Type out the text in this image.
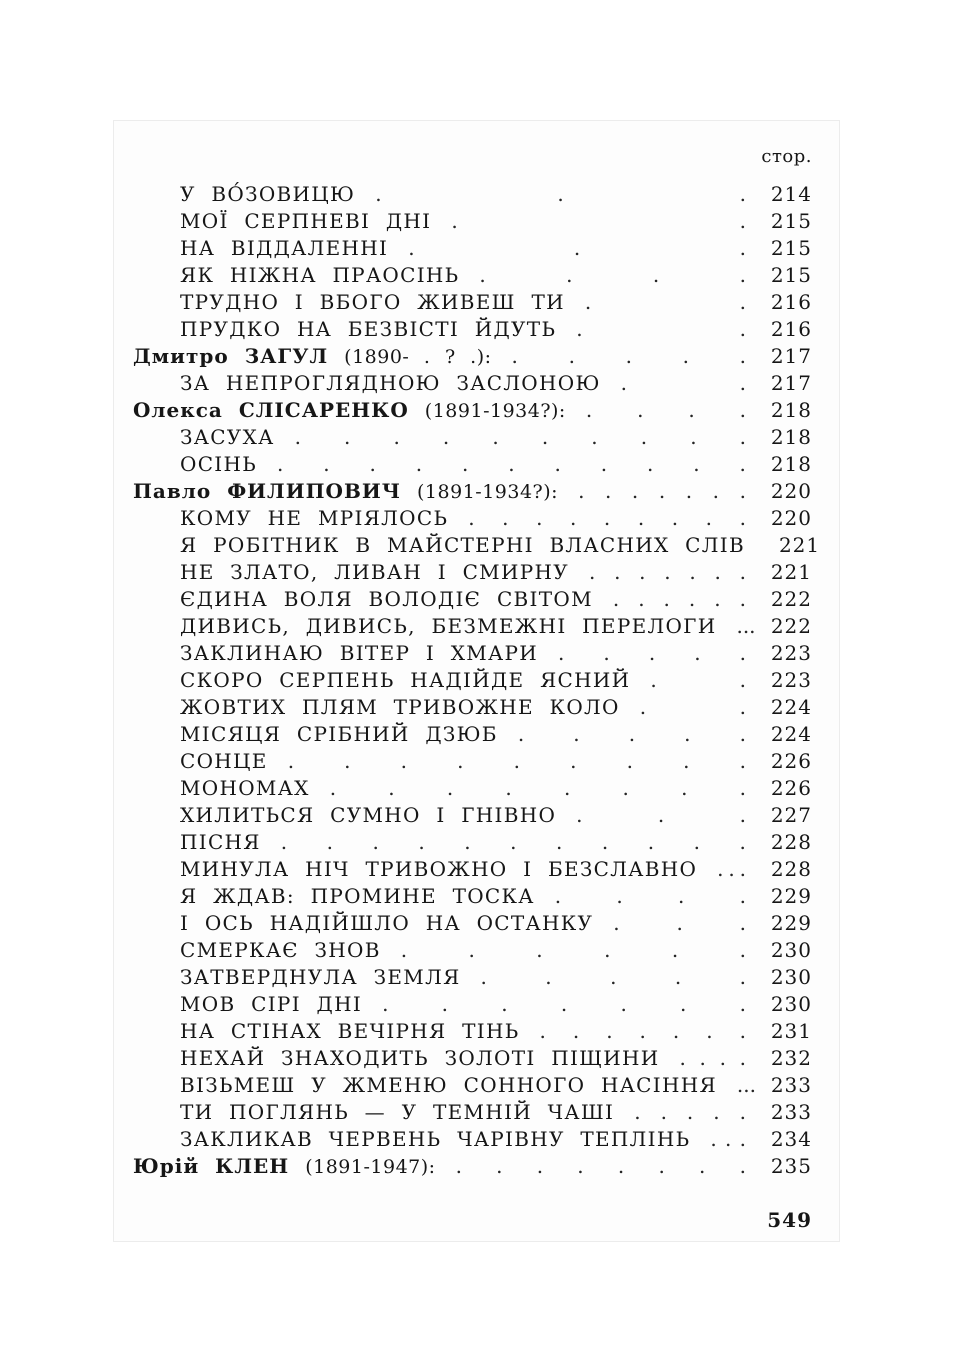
стор.
У ВО́ЗОВИЦЮ .	.	.	214
МОЇ СЕРПНЕВІ ДНІ .	.	215
НА ВІДДАЛЕННІ .	.	.	215
ЯК НІЖНА ПРАОСІНЬ .	.	.	.	215
ТРУДНО І ВБОГО ЖИВЕШ ТИ .	.	216
ПРУДКО НА БЕЗВІСТІ ЙДУТЬ .	.	216
Дмитро ЗАГУЛ (1890- . ? .): .	.	.	.	.	217
ЗА НЕПРОГЛЯДНОЮ ЗАСЛОНОЮ .	.	217
Олекса СЛІСАРЕНКО (1891-1934?): . . . .	218
ЗАСУХА . . . . . . . . . .	218
ОСІНЬ . . . . . . . . . . .	218
Павло ФИЛИПОВИЧ (1891-1934?): . . . . . . .	220
КОМУ НЕ МРІЯЛОСЬ . . . . . . . . .	220
Я РОБІТНИК В МАЙСТЕРНІ ВЛАСНИХ СЛІВ 221
НЕ ЗЛАТО, ЛИВАН І СМИРНУ . . . . . . .	221
ЄДИНА ВОЛЯ ВОЛОДІЄ СВІТОМ . . . . . .	222
ДИВИСЬ, ДИВИСЬ, БЕЗМЕЖНІ ПЕРЕЛОГИ . . . 222
ЗАКЛИНАЮ ВІТЕР І ХМАРИ . . . . .	223
СКОРО СЕРПЕНЬ НАДІЙДЕ ЯСНИЙ .	.	223
ЖОВТИХ ПЛЯМ ТРИВОЖНЕ КОЛО .	.	224
МІСЯЦЯ СРІБНИЙ ДЗЮБ . . . . .	224
СОНЦЕ .	.	.	.	.	.	.	.	.	226
МОНОМАХ .	.	.	.	.	.	.	.	226
ХИЛИТЬСЯ СУМНО І ГНІВНО .	.	.	227
ПІСНЯ . . . . . . . . . . .	228
МИНУЛА НІЧ ТРИВОЖНО І БЕЗСЛАВНО . . .	228
Я ЖДАВ: ПРОМИНЕ ТОСКА .	.	.	.	229
І ОСЬ НАДІЙШЛО НА ОСТАНКУ .	.	.	229
СМЕРКАЄ ЗНОВ .	.	.	.	.	.	230
ЗАТВЕРДНУЛА ЗЕМЛЯ .	.	.	.	.	230
МОВ СІРІ ДНІ .	.	.	.	.	.	.	230
НА СТІНАХ ВЕЧІРНЯ ТІНЬ . . . . . . .	231
НЕХАЙ ЗНАХОДИТЬ ЗОЛОТІ ПІЩИНИ . . . .	232
ВІЗЬМЕШ У ЖМЕНЮ СОННОГО НАСІННЯ . . . 233
ТИ ПОГЛЯНЬ — У ТЕМНІЙ ЧАШІ . . . . .	233
ЗАКЛИКАВ ЧЕРВЕНЬ ЧАРІВНУ ТЕПЛІНЬ . . .	234
Юрій КЛЕН (1891-1947): . . . . . . . .	235
549
